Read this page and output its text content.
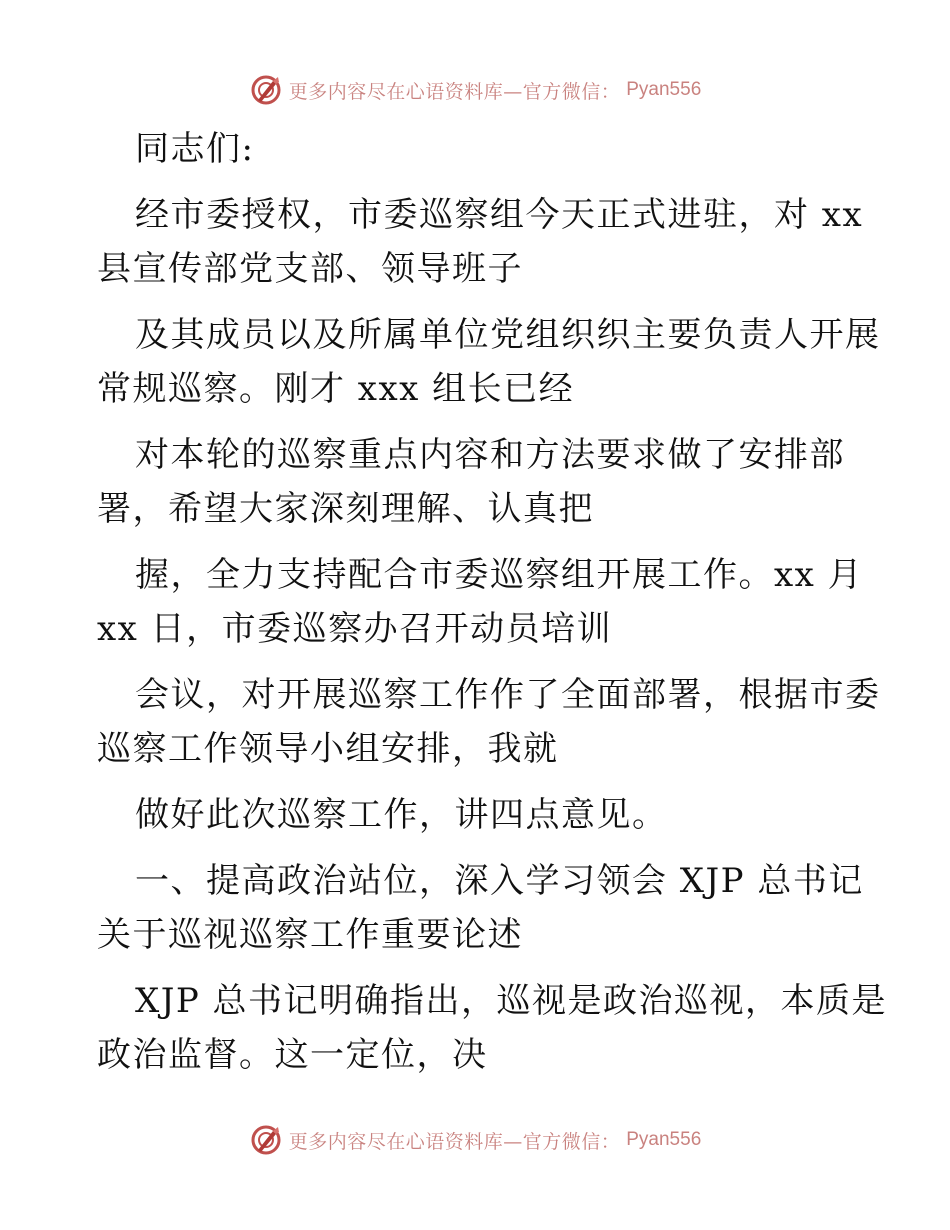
更多内容尽在心语资料库—官方微信： Pyan556
同志们:
经市委授权，市委巡察组今天正式进驻，对 xx
县宣传部党支部、领导班子
及其成员以及所属单位党组织织主要负责人开展
常规巡察。刚才 xxx 组长已经
对本轮的巡察重点内容和方法要求做了安排部
署，希望大家深刻理解、认真把
握，全力支持配合市委巡察组开展工作。xx 月
xx 日，市委巡察办召开动员培训
会议，对开展巡察工作作了全面部署，根据市委
巡察工作领导小组安排，我就
做好此次巡察工作，讲四点意见。
一、提高政治站位，深入学习领会 XJP 总书记
关于巡视巡察工作重要论述
XJP 总书记明确指出，巡视是政治巡视，本质是
政治监督。这一定位，决
更多内容尽在心语资料库—官方微信： Pyan556
